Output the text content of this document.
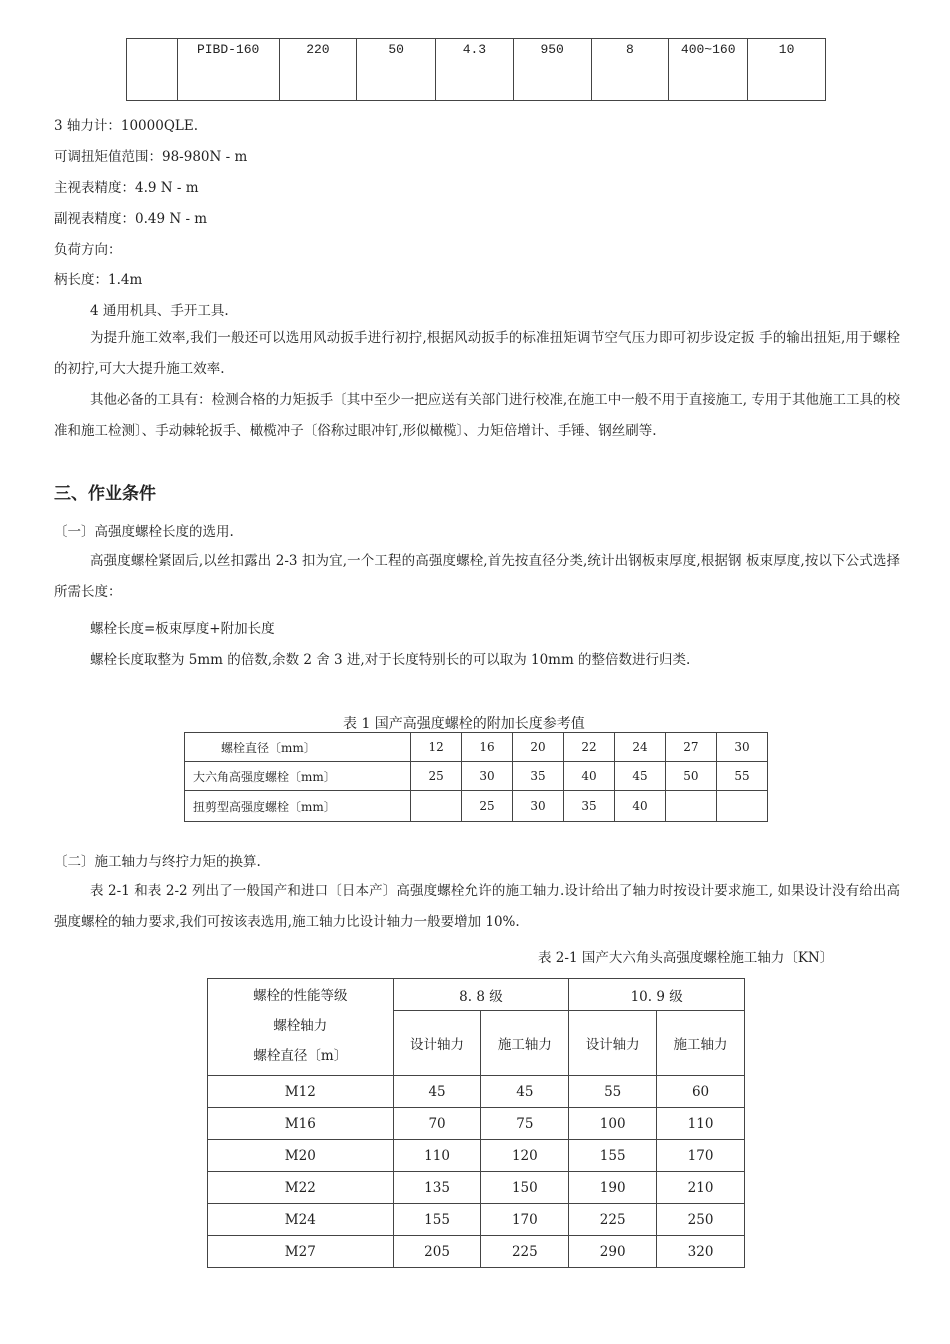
	PIBD-160	220	50	4.3	950	8	400~160	10
3 轴力计：10000QLE.
可调扭矩值范围：98-980N - m
主视表精度：4.9 N - m
副视表精度：0.49 N - m
负荷方向：
柄长度：1.4m
4 通用机具、手开工具.
为提升施工效率,我们一般还可以选用风动扳手进行初拧,根据风动扳手的标准扭矩调节空气压力即可初步设定扳 手的输出扭矩,用于螺栓的初拧,可大大提升施工效率.
其他必备的工具有：检测合格的力矩扳手〔其中至少一把应送有关部门进行校准,在施工中一般不用于直接施工, 专用于其他施工工具的校准和施工检测〕、手动棘轮扳手、橄榄冲子〔俗称过眼冲钉,形似橄榄〕、力矩倍增计、手锤、钢丝刷等.
三、作业条件
〔一〕高强度螺栓长度的选用.
高强度螺栓紧固后,以丝扣露出 2-3 扣为宜,一个工程的高强度螺栓,首先按直径分类,统计出钢板束厚度,根据钢 板束厚度,按以下公式选择所需长度：
螺栓长度=板束厚度+附加长度
螺栓长度取整为 5mm 的倍数,余数 2 舍 3 进,对于长度特别长的可以取为 10mm 的整倍数进行归类.
表 1 国产高强度螺栓的附加长度参考值
螺栓直径〔mm〕	12	16	20	22	24	27	30
大六角高强度螺栓〔mm〕	25	30	35	40	45	50	55
扭剪型高强度螺栓〔mm〕		25	30	35	40		
〔二〕施工轴力与终拧力矩的换算.
表 2-1 和表 2-2 列出了一般国产和进口〔日本产〕高强度螺栓允许的施工轴力.设计给出了轴力时按设计要求施工, 如果设计没有给出高强度螺栓的轴力要求,我们可按该表选用,施工轴力比设计轴力一般要增加 10%.
表 2-1 国产大六角头高强度螺栓施工轴力〔KN〕
螺栓的性能等级
螺栓轴力
螺栓直径〔m〕	8. 8 级		10. 9 级	
	设计轴力	施工轴力	设计轴力	施工轴力
M12	45	45	55	60
M16	70	75	100	110
M20	110	120	155	170
M22	135	150	190	210
M24	155	170	225	250
M27	205	225	290	320
